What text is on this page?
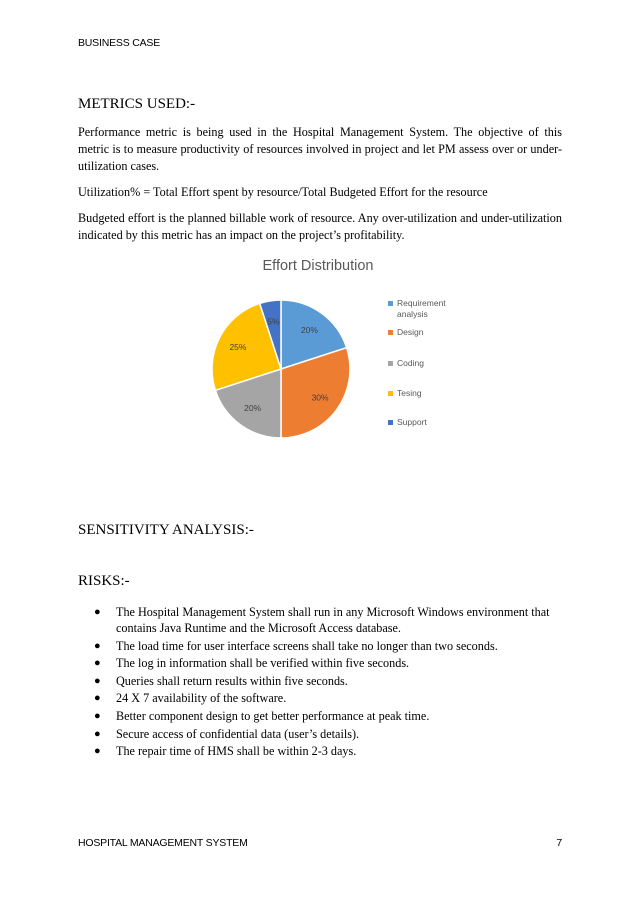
BUSINESS CASE
METRICS USED:-

Performance metric is being used in the Hospital Management System. The objective of this metric is to measure productivity of resources involved in project and let PM assess over or under-utilization cases.

Utilization% = Total Effort spent by resource/Total Budgeted Effort for the resource

Budgeted effort is the planned billable work of resource. Any over-utilization and under-utilization indicated by this metric has an impact on the project’s profitability.

Effort Distribution
20%
30%
20%
25%
5%
Requirement analysis
Design
Coding
Tesing
Support
SENSITIVITY ANALYSIS:-
RISKS:-
● The Hospital Management System shall run in any Microsoft Windows environment that contains Java Runtime and the Microsoft Access database.
● The load time for user interface screens shall take no longer than two seconds.
● The log in information shall be verified within five seconds.
● Queries shall return results within five seconds.
● 24 X 7 availability of the software.
● Better component design to get better performance at peak time.
● Secure access of confidential data (user’s details).
● The repair time of HMS shall be within 2-3 days.
HOSPITAL MANAGEMENT SYSTEM	7
